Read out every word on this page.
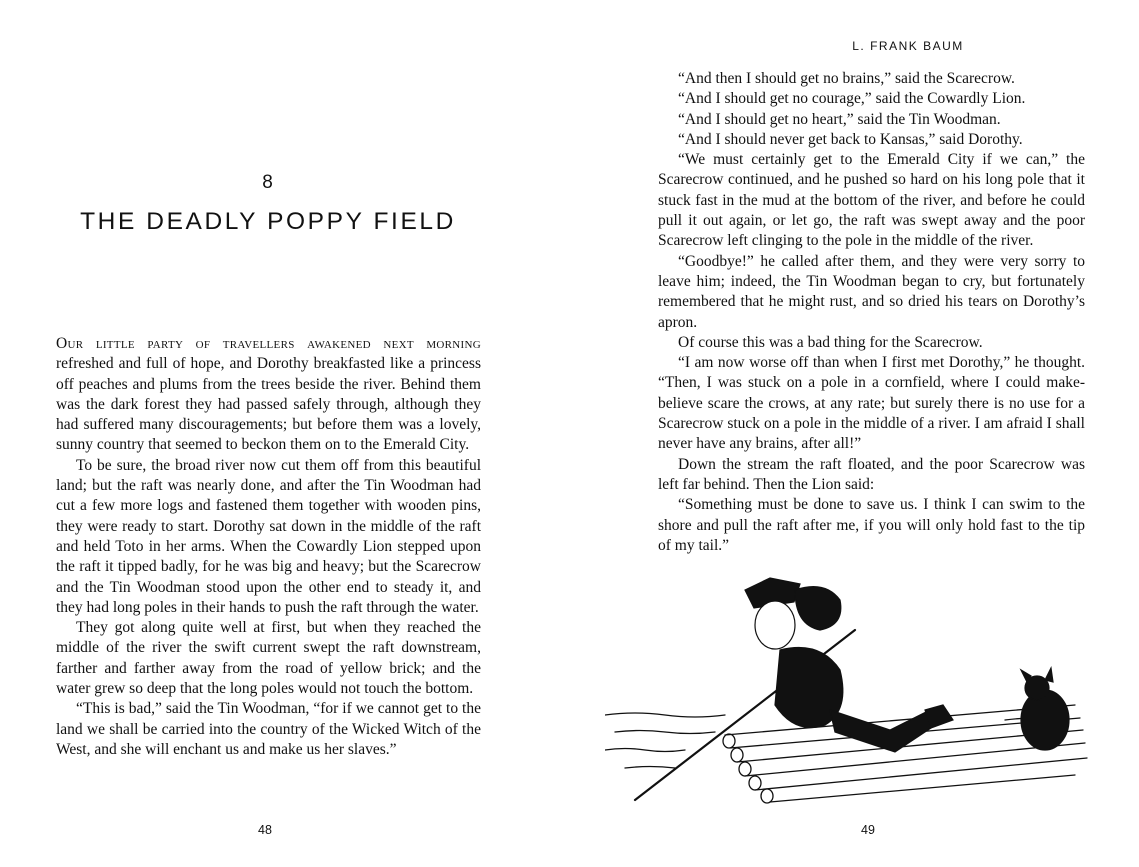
8
THE DEADLY POPPY FIELD

Our little party of travellers awakened next morning refreshed and full of hope, and Dorothy breakfasted like a princess off peaches and plums from the trees beside the river. Behind them was the dark forest they had passed safely through, although they had suffered many discouragements; but before them was a lovely, sunny country that seemed to beckon them on to the Emerald City.

To be sure, the broad river now cut them off from this beautiful land; but the raft was nearly done, and after the Tin Woodman had cut a few more logs and fastened them together with wooden pins, they were ready to start. Dorothy sat down in the middle of the raft and held Toto in her arms. When the Cowardly Lion stepped upon the raft it tipped badly, for he was big and heavy; but the Scarecrow and the Tin Woodman stood upon the other end to steady it, and they had long poles in their hands to push the raft through the water.

They got along quite well at first, but when they reached the middle of the river the swift current swept the raft downstream, farther and farther away from the road of yellow brick; and the water grew so deep that the long poles would not touch the bottom.

“This is bad,” said the Tin Woodman, “for if we cannot get to the land we shall be carried into the country of the Wicked Witch of the West, and she will enchant us and make us her slaves.”

48
L. FRANK BAUM

“And then I should get no brains,” said the Scarecrow.

“And I should get no courage,” said the Cowardly Lion.

“And I should get no heart,” said the Tin Woodman.

“And I should never get back to Kansas,” said Dorothy.

“We must certainly get to the Emerald City if we can,” the Scarecrow continued, and he pushed so hard on his long pole that it stuck fast in the mud at the bottom of the river, and before he could pull it out again, or let go, the raft was swept away and the poor Scarecrow left clinging to the pole in the middle of the river.

“Goodbye!” he called after them, and they were very sorry to leave him; indeed, the Tin Woodman began to cry, but fortunately remembered that he might rust, and so dried his tears on Dorothy’s apron.

Of course this was a bad thing for the Scarecrow.

“I am now worse off than when I first met Dorothy,” he thought. “Then, I was stuck on a pole in a cornfield, where I could make-believe scare the crows, at any rate; but surely there is no use for a Scarecrow stuck on a pole in the middle of a river. I am afraid I shall never have any brains, after all!”

Down the stream the raft floated, and the poor Scarecrow was left far behind. Then the Lion said:

“Something must be done to save us. I think I can swim to the shore and pull the raft after me, if you will only hold fast to the tip of my tail.”

49
